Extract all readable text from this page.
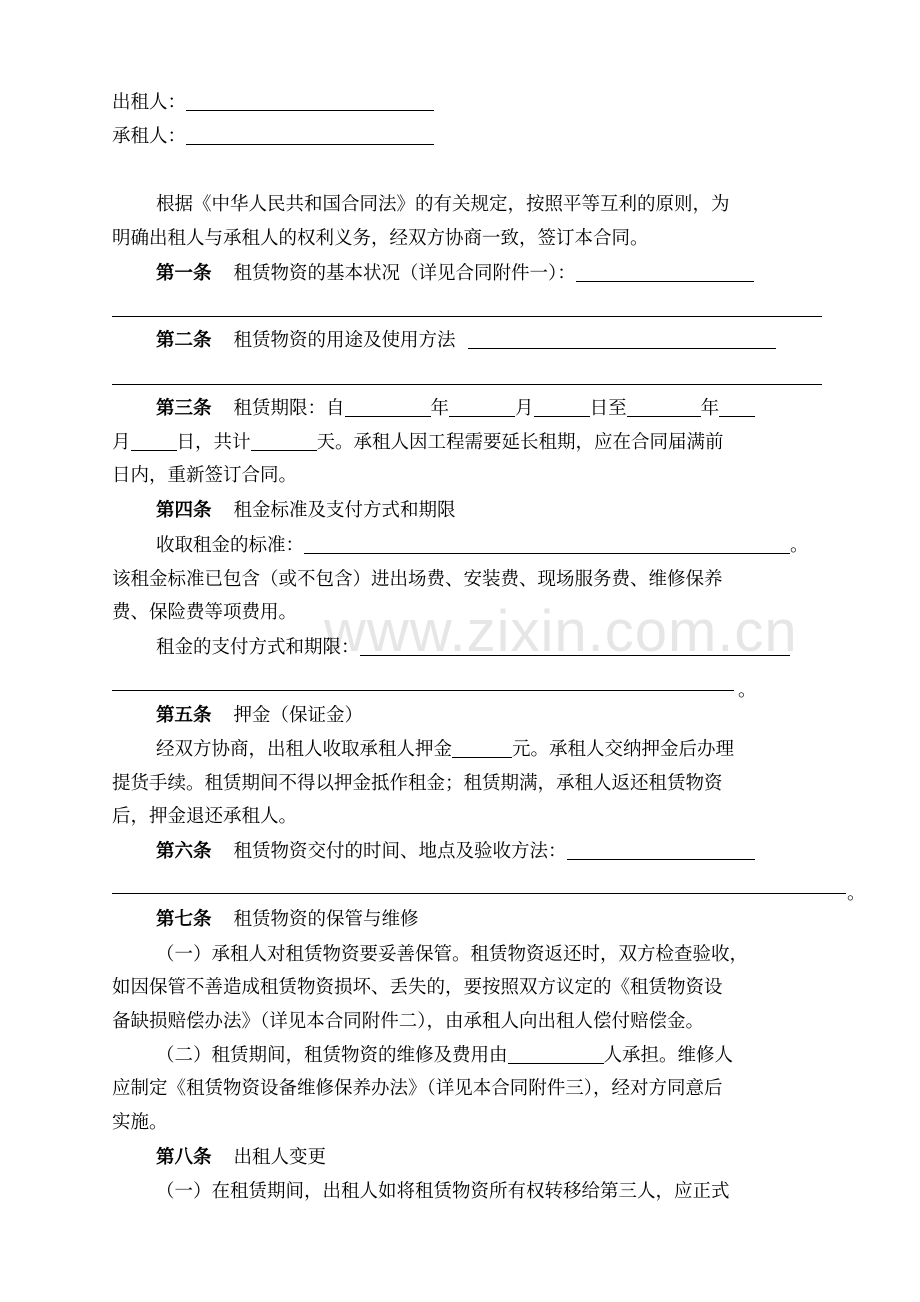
www.zixin.com.cn
出租人：
承租人：
根据《中华人民共和国合同法》的有关规定，按照平等互利的原则，为
明确出租人与承租人的权利义务，经双方协商一致，签订本合同。
第一条 租赁物资的基本状况（详见合同附件一）：
第二条 租赁物资的用途及使用方法
第三条 租赁期限：自	年	月	日至	年
月 日，共计	天。承租人因工程需要延长租期，应在合同届满前
日内，重新签订合同。
第四条 租金标准及支付方式和期限
收取租金的标准：	。
该租金标准已包含（或不包含）进出场费、安装费、现场服务费、维修保养
费、保险费等项费用。
租金的支付方式和期限：
。
第五条 押金（保证金）
经双方协商，出租人收取承租人押金	元。承租人交纳押金后办理
提货手续。租赁期间不得以押金抵作租金；租赁期满，承租人返还租赁物资
后，押金退还承租人。
第六条 租赁物资交付的时间、地点及验收方法：
。
第七条 租赁物资的保管与维修
（一）承租人对租赁物资要妥善保管。租赁物资返还时，双方检查验收，
如因保管不善造成租赁物资损坏、丢失的，要按照双方议定的《租赁物资设
备缺损赔偿办法》（详见本合同附件二），由承租人向出租人偿付赔偿金。
（二）租赁期间，租赁物资的维修及费用由	人承担。维修人
应制定《租赁物资设备维修保养办法》（详见本合同附件三），经对方同意后
实施。
第八条 出租人变更
（一）在租赁期间，出租人如将租赁物资所有权转移给第三人，应正式
